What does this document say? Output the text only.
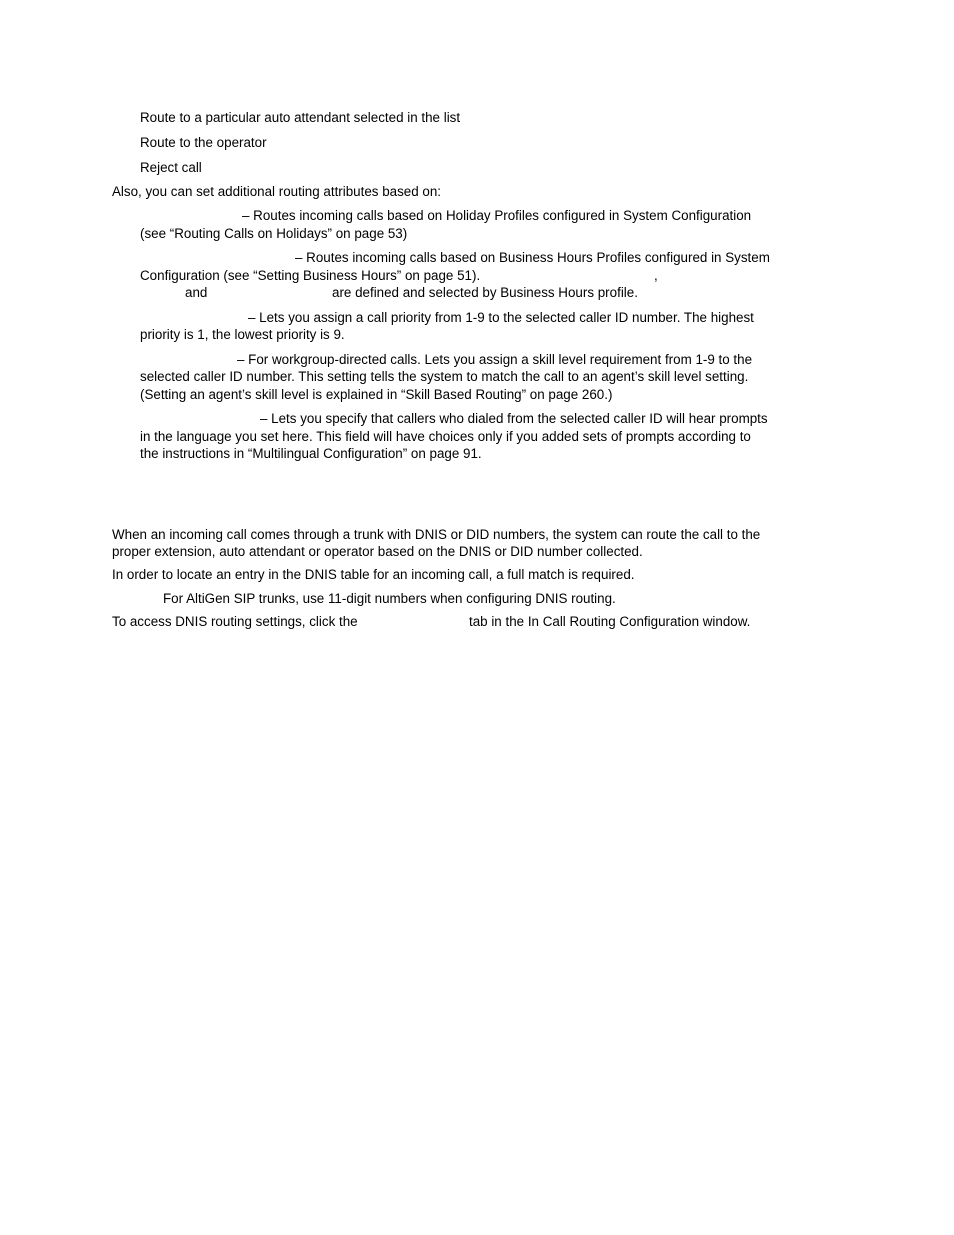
Route to a particular auto attendant selected in the list
Route to the operator
Reject call
Also, you can set additional routing attributes based on:
– Routes incoming calls based on Holiday Profiles configured in System Configuration
(see “Routing Calls on Holidays” on page 53)
– Routes incoming calls based on Business Hours Profiles configured in System
Configuration (see “Setting Business Hours” on page 51).	,
and	are defined and selected by Business Hours profile.
– Lets you assign a call priority from 1-9 to the selected caller ID number. The highest
priority is 1, the lowest priority is 9.
– For workgroup-directed calls. Lets you assign a skill level requirement from 1-9 to the
selected caller ID number. This setting tells the system to match the call to an agent’s skill level setting.
(Setting an agent’s skill level is explained in “Skill Based Routing” on page 260.)
– Lets you specify that callers who dialed from the selected caller ID will hear prompts
in the language you set here. This field will have choices only if you added sets of prompts according to
the instructions in “Multilingual Configuration” on page 91.
When an incoming call comes through a trunk with DNIS or DID numbers, the system can route the call to the
proper extension, auto attendant or operator based on the DNIS or DID number collected.
In order to locate an entry in the DNIS table for an incoming call, a full match is required.
For AltiGen SIP trunks, use 11-digit numbers when configuring DNIS routing.
To access DNIS routing settings, click the	tab in the In Call Routing Configuration window.
